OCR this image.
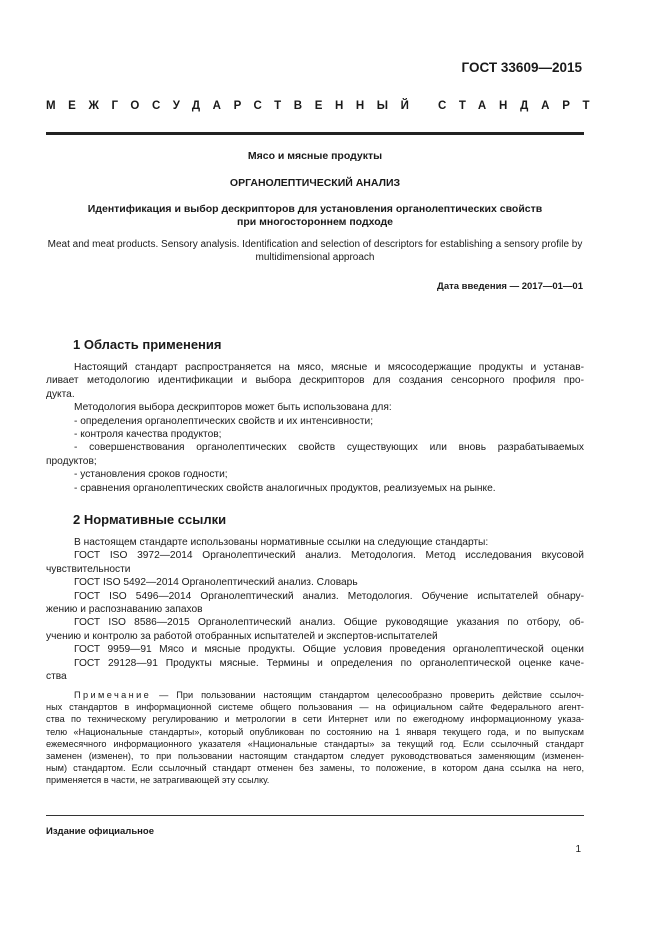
ГОСТ 33609—2015
МЕЖГОСУДАРСТВЕННЫЙ СТАНДАРТ
Мясо и мясные продукты
ОРГАНОЛЕПТИЧЕСКИЙ АНАЛИЗ
Идентификация и выбор дескрипторов для установления органолептических свойств
при многостороннем подходе
Meat and meat products. Sensory analysis. Identification and selection of descriptors for establishing a sensory profile by
multidimensional approach
Дата введения — 2017—01—01
1 Область применения

Настоящий стандарт распространяется на мясо, мясные и мясосодержащие продукты и устанав-

ливает методологию идентификации и выбора дескрипторов для создания сенсорного профиля про-

дукта.

Методология выбора дескрипторов может быть использована для:

- определения органолептических свойств и их интенсивности;

- контроля качества продуктов;

- совершенствования органолептических свойств существующих или вновь разрабатываемых

продуктов;

- установления сроков годности;

- сравнения органолептических свойств аналогичных продуктов, реализуемых на рынке.

2 Нормативные ссылки

В настоящем стандарте использованы нормативные ссылки на следующие стандарты:

ГОСТ ISO 3972—2014 Органолептический анализ. Методология. Метод исследования вкусовой

чувствительности

ГОСТ ISO 5492—2014 Органолептический анализ. Словарь

ГОСТ ISO 5496—2014 Органолептический анализ. Методология. Обучение испытателей обнару-

жению и распознаванию запахов

ГОСТ ISO 8586—2015 Органолептический анализ. Общие руководящие указания по отбору, об-

учению и контролю за работой отобранных испытателей и экспертов-испытателей

ГОСТ 9959—91 Мясо и мясные продукты. Общие условия проведения органолептической оценки

ГОСТ 29128—91 Продукты мясные. Термины и определения по органолептической оценке каче-

ства

Примечание — При пользовании настоящим стандартом целесообразно проверить действие ссылоч-

ных стандартов в информационной системе общего пользования — на официальном сайте Федерального агент-

ства по техническому регулированию и метрологии в сети Интернет или по ежегодному информационному указа-

телю «Национальные стандарты», который опубликован по состоянию на 1 января текущего года, и по выпускам

ежемесячного информационного указателя «Национальные стандарты» за текущий год. Если ссылочный стандарт

заменен (изменен), то при пользовании настоящим стандартом следует руководствоваться заменяющим (изменен-

ным) стандартом. Если ссылочный стандарт отменен без замены, то положение, в котором дана ссылка на него,

применяется в части, не затрагивающей эту ссылку.

Издание официальное
1
